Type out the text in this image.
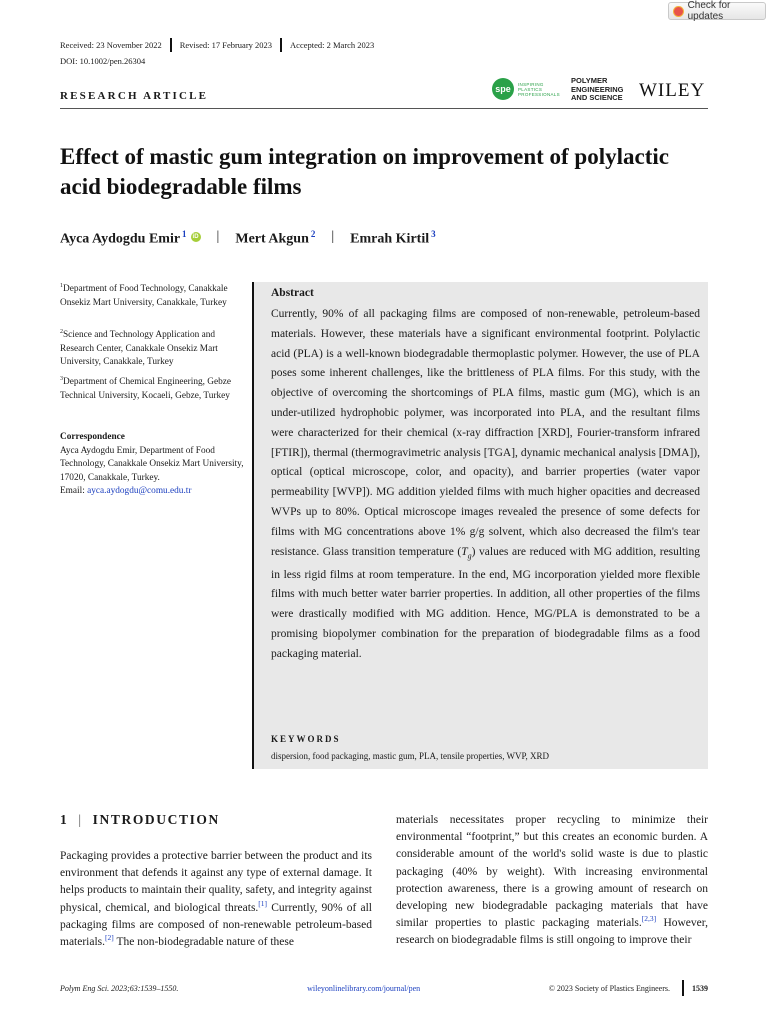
Check for updates
Received: 23 November 2022 Revised: 17 February 2023 Accepted: 2 March 2023
DOI: 10.1002/pen.26304
RESEARCH ARTICLE
spe	INSPIRING
PLASTICS
PROFESSIONALS
POLYMER
ENGINEERING
AND SCIENCE WILEY
Effect of mastic gum integration on improvement of polylactic acid biodegradable films
Ayca Aydogdu Emir $^1$	iD | Mert Akgun $^2$ | Emrah Kirtil $^3$
$^1$Department of Food Technology, Canakkale Onsekiz Mart University, Canakkale, Turkey
$^2$Science and Technology Application and Research Center, Canakkale Onsekiz Mart University, Canakkale, Turkey
$^3$Department of Chemical Engineering, Gebze Technical University, Kocaeli, Gebze, Turkey
Correspondence
Ayca Aydogdu Emir, Department of Food Technology, Canakkale Onsekiz Mart University, 17020, Canakkale, Turkey.
Email: ayca.aydogdu@comu.edu.tr
Abstract
Currently, 90% of all packaging films are composed of non-renewable, petroleum-based materials. However, these materials have a significant environmental footprint. Polylactic acid (PLA) is a well-known biodegradable thermoplastic polymer. However, the use of PLA poses some inherent challenges, like the brittleness of PLA films. For this study, with the objective of overcoming the shortcomings of PLA films, mastic gum (MG), which is an under-utilized hydrophobic polymer, was incorporated into PLA, and the resultant films were characterized for their chemical (x-ray diffraction [XRD], Fourier-transform infrared [FTIR]), thermal (thermogravimetric analysis [TGA], dynamic mechanical analysis [DMA]), optical (optical microscope, color, and opacity), and barrier properties (water vapor permeability [WVP]). MG addition yielded films with much higher opacities and decreased WVPs up to 80%. Optical microscope images revealed the presence of some defects for films with MG concentrations above 1% g/g solvent, which also decreased the film's tear resistance. Glass transition temperature $(T_g)$ values are reduced with MG addition, resulting in less rigid films at room temperature. In the end, MG incorporation yielded more flexible films with much better water barrier properties. In addition, all other properties of the films were drastically modified with MG addition. Hence, MG/PLA is demonstrated to be a promising biopolymer combination for the preparation of biodegradable films as a food packaging material.
KEYWORDS
dispersion, food packaging, mastic gum, PLA, tensile properties, WVP, XRD
1 | INTRODUCTION
Packaging provides a protective barrier between the product and its environment that defends it against any type of external damage. It helps products to maintain their quality, safety, and integrity against physical, chemical, and biological threats.[1] Currently, 90% of all packaging films are composed of non-renewable petroleum-based materials.[2] The non-biodegradable nature of these
materials necessitates proper recycling to minimize their environmental “footprint,” but this creates an economic burden. A considerable amount of the world's solid waste is due to plastic packaging (40% by weight). With increasing environmental protection awareness, there is a growing amount of research on developing new biodegradable packaging materials that have similar properties to plastic packaging materials.[2,3] However, research on biodegradable films is still ongoing to improve their
Polym Eng Sci. 2023;63:1539–1550.	wileyonlinelibrary.com/journal/pen	© 2023 Society of Plastics Engineers.	1539
